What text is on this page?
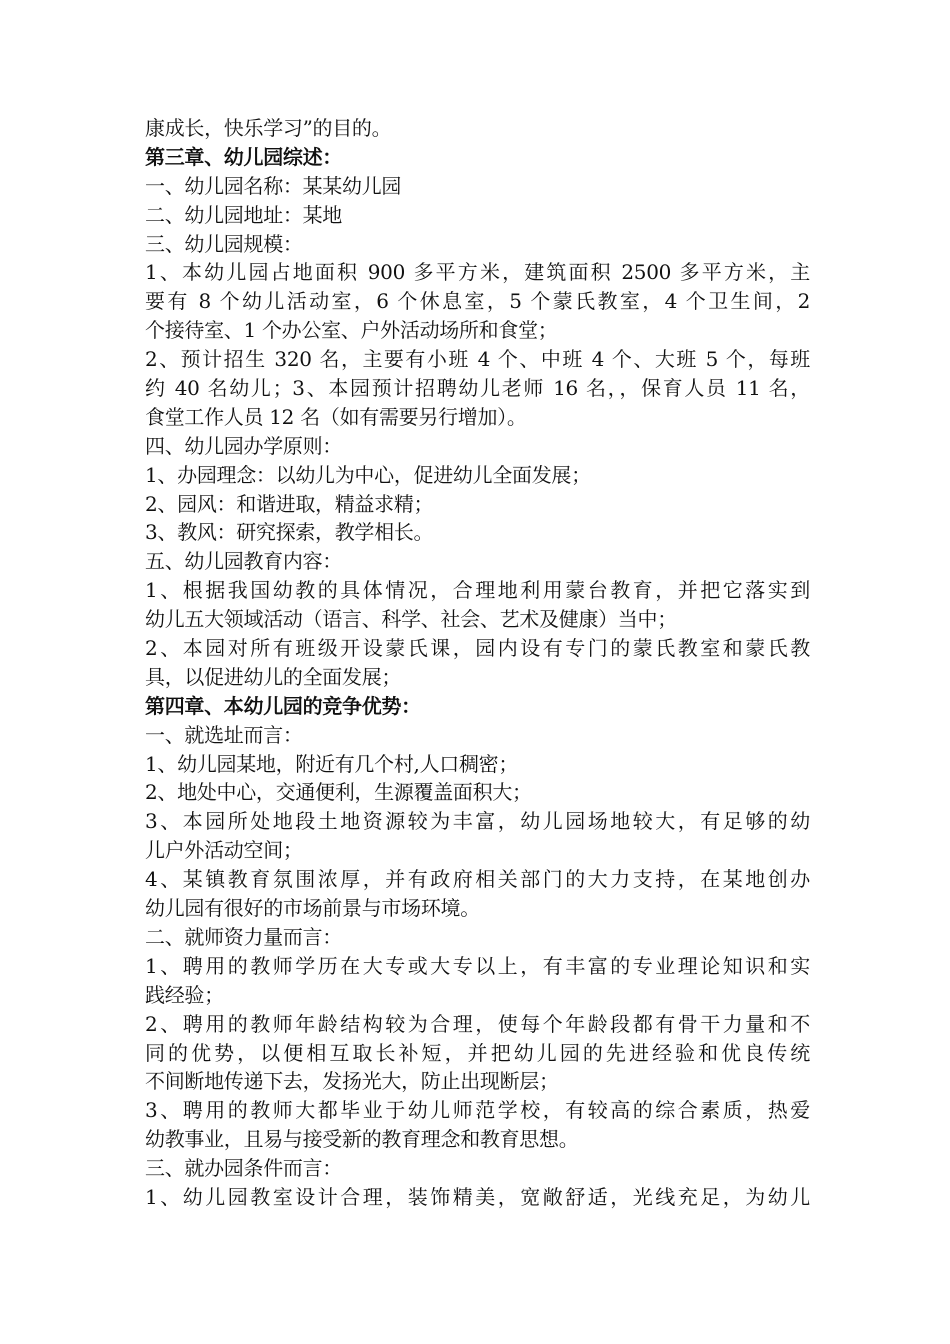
康成长，快乐学习”的目的。
第三章、幼儿园综述：
一、幼儿园名称：某某幼儿园
二、幼儿园地址：某地
三、幼儿园规模：
1、本幼儿园占地面积 900 多平方米，建筑面积 2500 多平方米，主
要有 8 个幼儿活动室，6 个休息室，5 个蒙氏教室，4 个卫生间，2
个接待室、1 个办公室、户外活动场所和食堂；
2、预计招生 320 名，主要有小班 4 个、中班 4 个、大班 5 个，每班
约 40 名幼儿；3、本园预计招聘幼儿老师 16 名，，保育人员 11 名，
食堂工作人员 12 名（如有需要另行增加）。
四、幼儿园办学原则：
1、办园理念：以幼儿为中心，促进幼儿全面发展；
2、园风：和谐进取，精益求精；
3、教风：研究探索，教学相长。
五、幼儿园教育内容：
1、根据我国幼教的具体情况，合理地利用蒙台教育，并把它落实到
幼儿五大领域活动（语言、科学、社会、艺术及健康）当中；
2、本园对所有班级开设蒙氏课，园内设有专门的蒙氏教室和蒙氏教
具，以促进幼儿的全面发展；
第四章、本幼儿园的竞争优势：
一、就选址而言：
1、幼儿园某地，附近有几个村,人口稠密；
2、地处中心，交通便利，生源覆盖面积大；
3、本园所处地段土地资源较为丰富，幼儿园场地较大，有足够的幼
儿户外活动空间；
4、某镇教育氛围浓厚，并有政府相关部门的大力支持，在某地创办
幼儿园有很好的市场前景与市场环境。
二、就师资力量而言：
1、聘用的教师学历在大专或大专以上，有丰富的专业理论知识和实
践经验；
2、聘用的教师年龄结构较为合理，使每个年龄段都有骨干力量和不
同的优势，以便相互取长补短，并把幼儿园的先进经验和优良传统
不间断地传递下去，发扬光大，防止出现断层；
3、聘用的教师大都毕业于幼儿师范学校，有较高的综合素质，热爱
幼教事业，且易与接受新的教育理念和教育思想。
三、就办园条件而言：
1、幼儿园教室设计合理，装饰精美，宽敞舒适，光线充足，为幼儿
